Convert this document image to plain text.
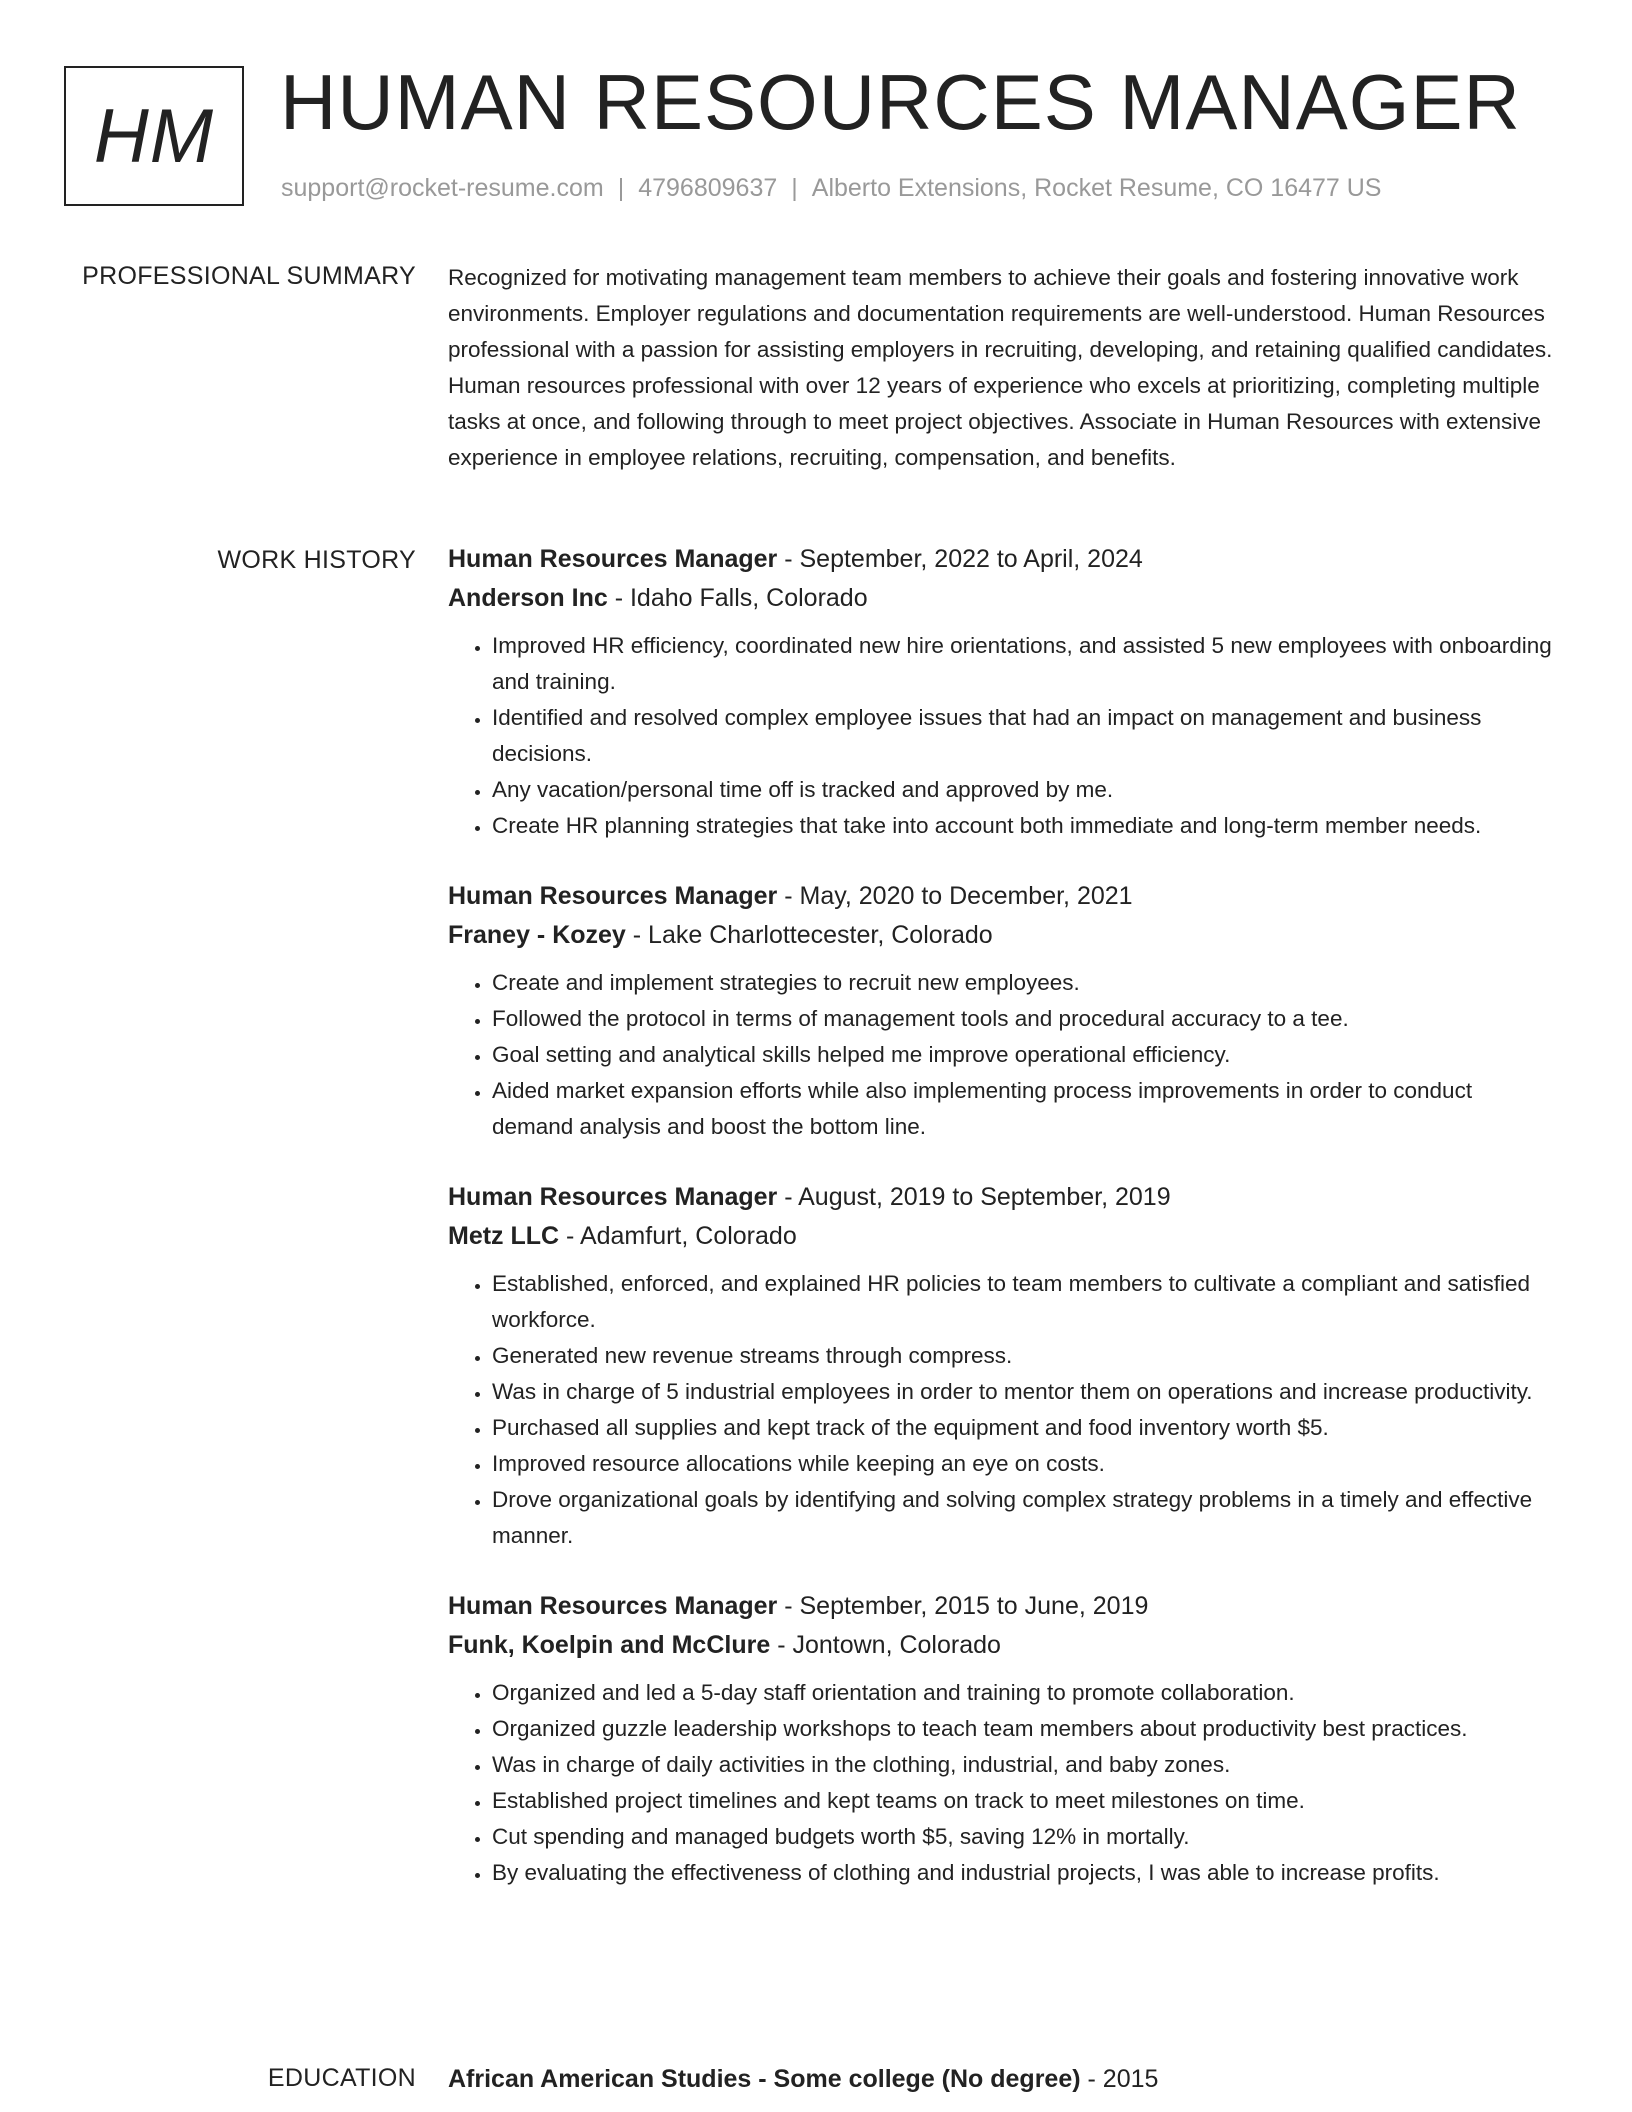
HM HUMAN RESOURCES MANAGER
support@rocket-resume.com | 4796809637 | Alberto Extensions, Rocket Resume, CO 16477 US
PROFESSIONAL SUMMARY Recognized for motivating management team members to achieve their goals and fostering innovative work environments. Employer regulations and documentation requirements are well-understood. Human Resources professional with a passion for assisting employers in recruiting, developing, and retaining qualified candidates. Human resources professional with over 12 years of experience who excels at prioritizing, completing multiple tasks at once, and following through to meet project objectives. Associate in Human Resources with extensive experience in employee relations, recruiting, compensation, and benefits.

WORK HISTORY Human Resources Manager - September, 2022 to April, 2024
Anderson Inc - Idaho Falls, Colorado
• Improved HR efficiency, coordinated new hire orientations, and assisted 5 new employees with onboarding and training.
• Identified and resolved complex employee issues that had an impact on management and business decisions.
• Any vacation/personal time off is tracked and approved by me.
• Create HR planning strategies that take into account both immediate and long-term member needs.
Human Resources Manager - May, 2020 to December, 2021
Franey - Kozey - Lake Charlottecester, Colorado
• Create and implement strategies to recruit new employees.
• Followed the protocol in terms of management tools and procedural accuracy to a tee.
• Goal setting and analytical skills helped me improve operational efficiency.
• Aided market expansion efforts while also implementing process improvements in order to conduct demand analysis and boost the bottom line.
Human Resources Manager - August, 2019 to September, 2019
Metz LLC - Adamfurt, Colorado
• Established, enforced, and explained HR policies to team members to cultivate a compliant and satisfied workforce.
• Generated new revenue streams through compress.
• Was in charge of 5 industrial employees in order to mentor them on operations and increase productivity.
• Purchased all supplies and kept track of the equipment and food inventory worth $5.
• Improved resource allocations while keeping an eye on costs.
• Drove organizational goals by identifying and solving complex strategy problems in a timely and effective manner.
Human Resources Manager - September, 2015 to June, 2019
Funk, Koelpin and McClure - Jontown, Colorado
• Organized and led a 5-day staff orientation and training to promote collaboration.
• Organized guzzle leadership workshops to teach team members about productivity best practices.
• Was in charge of daily activities in the clothing, industrial, and baby zones.
• Established project timelines and kept teams on track to meet milestones on time.
• Cut spending and managed budgets worth $5, saving 12% in mortally.
• By evaluating the effectiveness of clothing and industrial projects, I was able to increase profits.
EDUCATION African American Studies - Some college (No degree) - 2015
